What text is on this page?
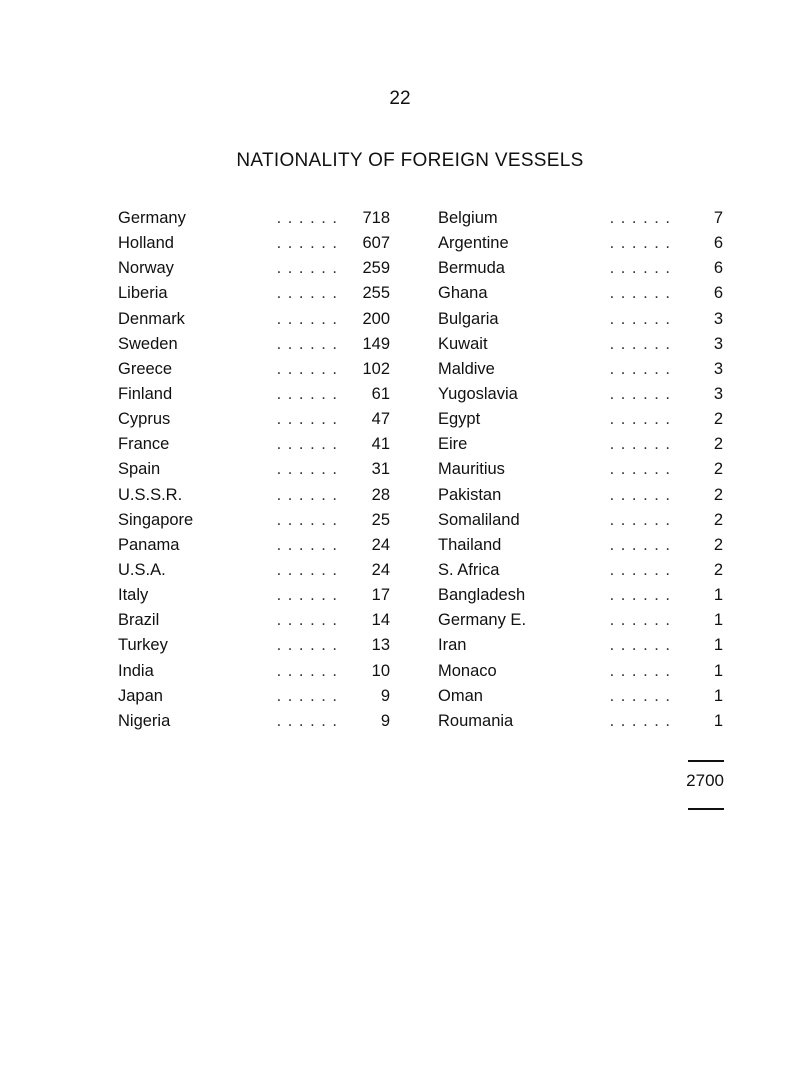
22
NATIONALITY OF FOREIGN VESSELS
. . . . . .
Germany	718
. . . . . .
Holland	607
. . . . . .
Norway	259
. . . . . .
Liberia	255
. . . . . .
Denmark	200
. . . . . .
Sweden	149
. . . . . .
Greece	102
. . . . . .
Finland	61
. . . . . .
Cyprus	47
. . . . . .
France	41
. . . . . .
Spain	31
. . . . . .
U.S.S.R.	28
. . . . . .
Singapore	25
. . . . . .
Panama	24
. . . . . .
U.S.A.	24
. . . . . .
Italy	17
. . . . . .
Brazil	14
. . . . . .
Turkey	13
. . . . . .
India	10
. . . . . .
Japan	9
. . . . . .
Nigeria	9
. . . . . .
Belgium	7
. . . . . .
Argentine	6
. . . . . .
Bermuda	6
. . . . . .
Ghana	6
. . . . . .
Bulgaria	3
. . . . . .
Kuwait	3
. . . . . .
Maldive	3
. . . . . .
Yugoslavia	3
. . . . . .
Egypt	2
. . . . . .
Eire	2
. . . . . .
Mauritius	2
. . . . . .
Pakistan	2
. . . . . .
Somaliland	2
. . . . . .
Thailand	2
. . . . . .
S. Africa	2
. . . . . .
Bangladesh	1
. . . . . .
Germany E.	1
. . . . . .
Iran	1
. . . . . .
Monaco	1
. . . . . .
Oman	1
. . . . . .
Roumania	1
2700
